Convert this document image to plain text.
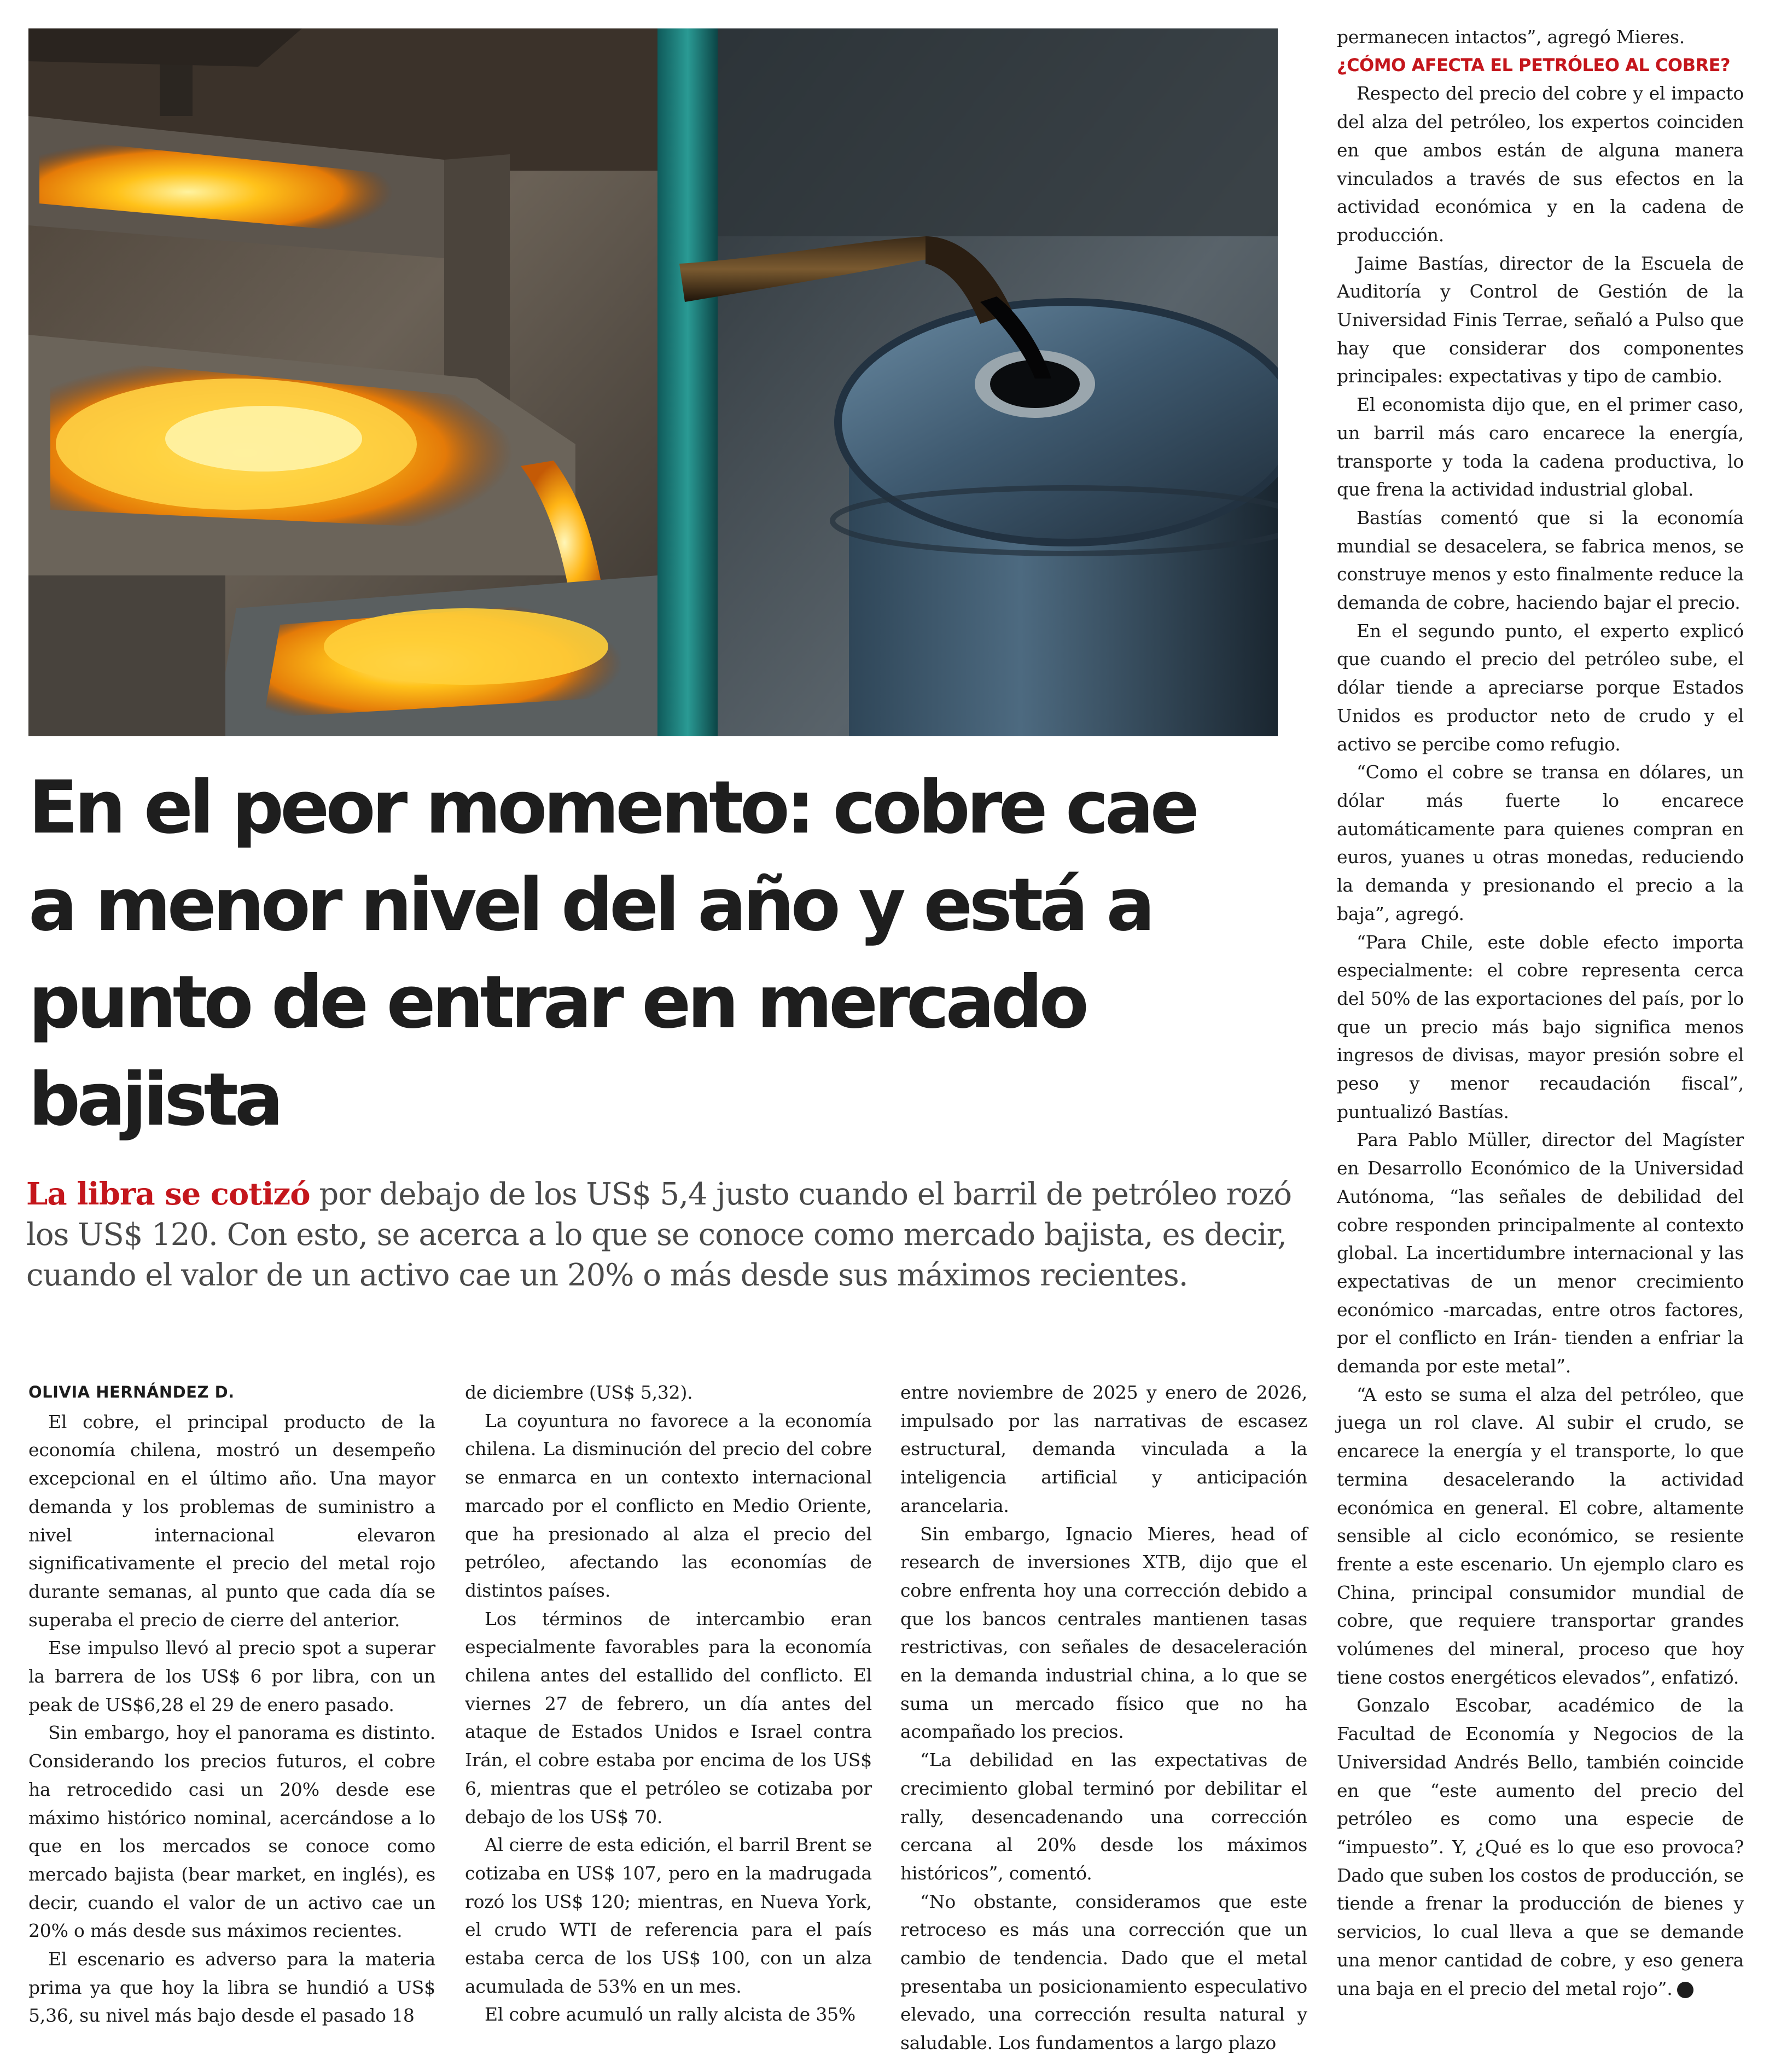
En el peor momento: cobre cae a menor nivel del año y está a punto de entrar en mercado bajista

La libra se cotizó por debajo de los US$ 5,4 justo cuando el barril de petróleo rozó los US$ 120. Con esto, se acerca a lo que se conoce como mercado bajista, es decir, cuando el valor de un activo cae un 20% o más desde sus máximos recientes.

OLIVIA HERNÁNDEZ D.

El cobre, el principal producto de la economía chilena, mostró un desempeño excepcional en el último año. Una mayor demanda y los problemas de suministro a nivel internacional elevaron significativamente el precio del metal rojo durante semanas, al punto que cada día se superaba el precio de cierre del anterior.

Ese impulso llevó al precio spot a superar la barrera de los US$ 6 por libra, con un peak de US$6,28 el 29 de enero pasado.

Sin embargo, hoy el panorama es distinto. Considerando los precios futuros, el cobre ha retrocedido casi un 20% desde ese máximo histórico nominal, acercándose a lo que en los mercados se conoce como mercado bajista (bear market, en inglés), es decir, cuando el valor de un activo cae un 20% o más desde sus máximos recientes.

El escenario es adverso para la materia prima ya que hoy la libra se hundió a US$ 5,36, su nivel más bajo desde el pasado 18

de diciembre (US$ 5,32).

La coyuntura no favorece a la economía chilena. La disminución del precio del cobre se enmarca en un contexto internacional marcado por el conflicto en Medio Oriente, que ha presionado al alza el precio del petróleo, afectando las economías de distintos países.

Los términos de intercambio eran especialmente favorables para la economía chilena antes del estallido del conflicto. El viernes 27 de febrero, un día antes del ataque de Estados Unidos e Israel contra Irán, el cobre estaba por encima de los US$ 6, mientras que el petróleo se cotizaba por debajo de los US$ 70.

Al cierre de esta edición, el barril Brent se cotizaba en US$ 107, pero en la madrugada rozó los US$ 120; mientras, en Nueva York, el crudo WTI de referencia para el país estaba cerca de los US$ 100, con un alza acumulada de 53% en un mes.

El cobre acumuló un rally alcista de 35%

entre noviembre de 2025 y enero de 2026, impulsado por las narrativas de escasez estructural, demanda vinculada a la inteligencia artificial y anticipación arancelaria.

Sin embargo, Ignacio Mieres, head of research de inversiones XTB, dijo que el cobre enfrenta hoy una corrección debido a que los bancos centrales mantienen tasas restrictivas, con señales de desaceleración en la demanda industrial china, a lo que se suma un mercado físico que no ha acompañado los precios.

“La debilidad en las expectativas de crecimiento global terminó por debilitar el rally, desencadenando una corrección cercana al 20% desde los máximos históricos”, comentó.

“No obstante, consideramos que este retroceso es más una corrección que un cambio de tendencia. Dado que el metal presentaba un posicionamiento especulativo elevado, una corrección resulta natural y saludable. Los fundamentos a largo plazo

permanecen intactos”, agregó Mieres.

¿CÓMO AFECTA EL PETRÓLEO AL COBRE?

Respecto del precio del cobre y el impacto del alza del petróleo, los expertos coinciden en que ambos están de alguna manera vinculados a través de sus efectos en la actividad económica y en la cadena de producción.

Jaime Bastías, director de la Escuela de Auditoría y Control de Gestión de la Universidad Finis Terrae, señaló a Pulso que hay que considerar dos componentes principales: expectativas y tipo de cambio.

El economista dijo que, en el primer caso, un barril más caro encarece la energía, transporte y toda la cadena productiva, lo que frena la actividad industrial global.

Bastías comentó que si la economía mundial se desacelera, se fabrica menos, se construye menos y esto finalmente reduce la demanda de cobre, haciendo bajar el precio.

En el segundo punto, el experto explicó que cuando el precio del petróleo sube, el dólar tiende a apreciarse porque Estados Unidos es productor neto de crudo y el activo se percibe como refugio.

“Como el cobre se transa en dólares, un dólar más fuerte lo encarece automáticamente para quienes compran en euros, yuanes u otras monedas, reduciendo la demanda y presionando el precio a la baja”, agregó.

“Para Chile, este doble efecto importa especialmente: el cobre representa cerca del 50% de las exportaciones del país, por lo que un precio más bajo significa menos ingresos de divisas, mayor presión sobre el peso y menor recaudación fiscal”, puntualizó Bastías.

Para Pablo Müller, director del Magíster en Desarrollo Económico de la Universidad Autónoma, “las señales de debilidad del cobre responden principalmente al contexto global. La incertidumbre internacional y las expectativas de un menor crecimiento económico -marcadas, entre otros factores, por el conflicto en Irán- tienden a enfriar la demanda por este metal”.

“A esto se suma el alza del petróleo, que juega un rol clave. Al subir el crudo, se encarece la energía y el transporte, lo que termina desacelerando la actividad económica en general. El cobre, altamente sensible al ciclo económico, se resiente frente a este escenario. Un ejemplo claro es China, principal consumidor mundial de cobre, que requiere transportar grandes volúmenes del mineral, proceso que hoy tiene costos energéticos elevados”, enfatizó.

Gonzalo Escobar, académico de la Facultad de Economía y Negocios de la Universidad Andrés Bello, también coincide en que “este aumento del precio del petróleo es como una especie de “impuesto”. Y, ¿Qué es lo que eso provoca? Dado que suben los costos de producción, se tiende a frenar la producción de bienes y servicios, lo cual lleva a que se demande una menor cantidad de cobre, y eso genera una baja en el precio del metal rojo”. P
